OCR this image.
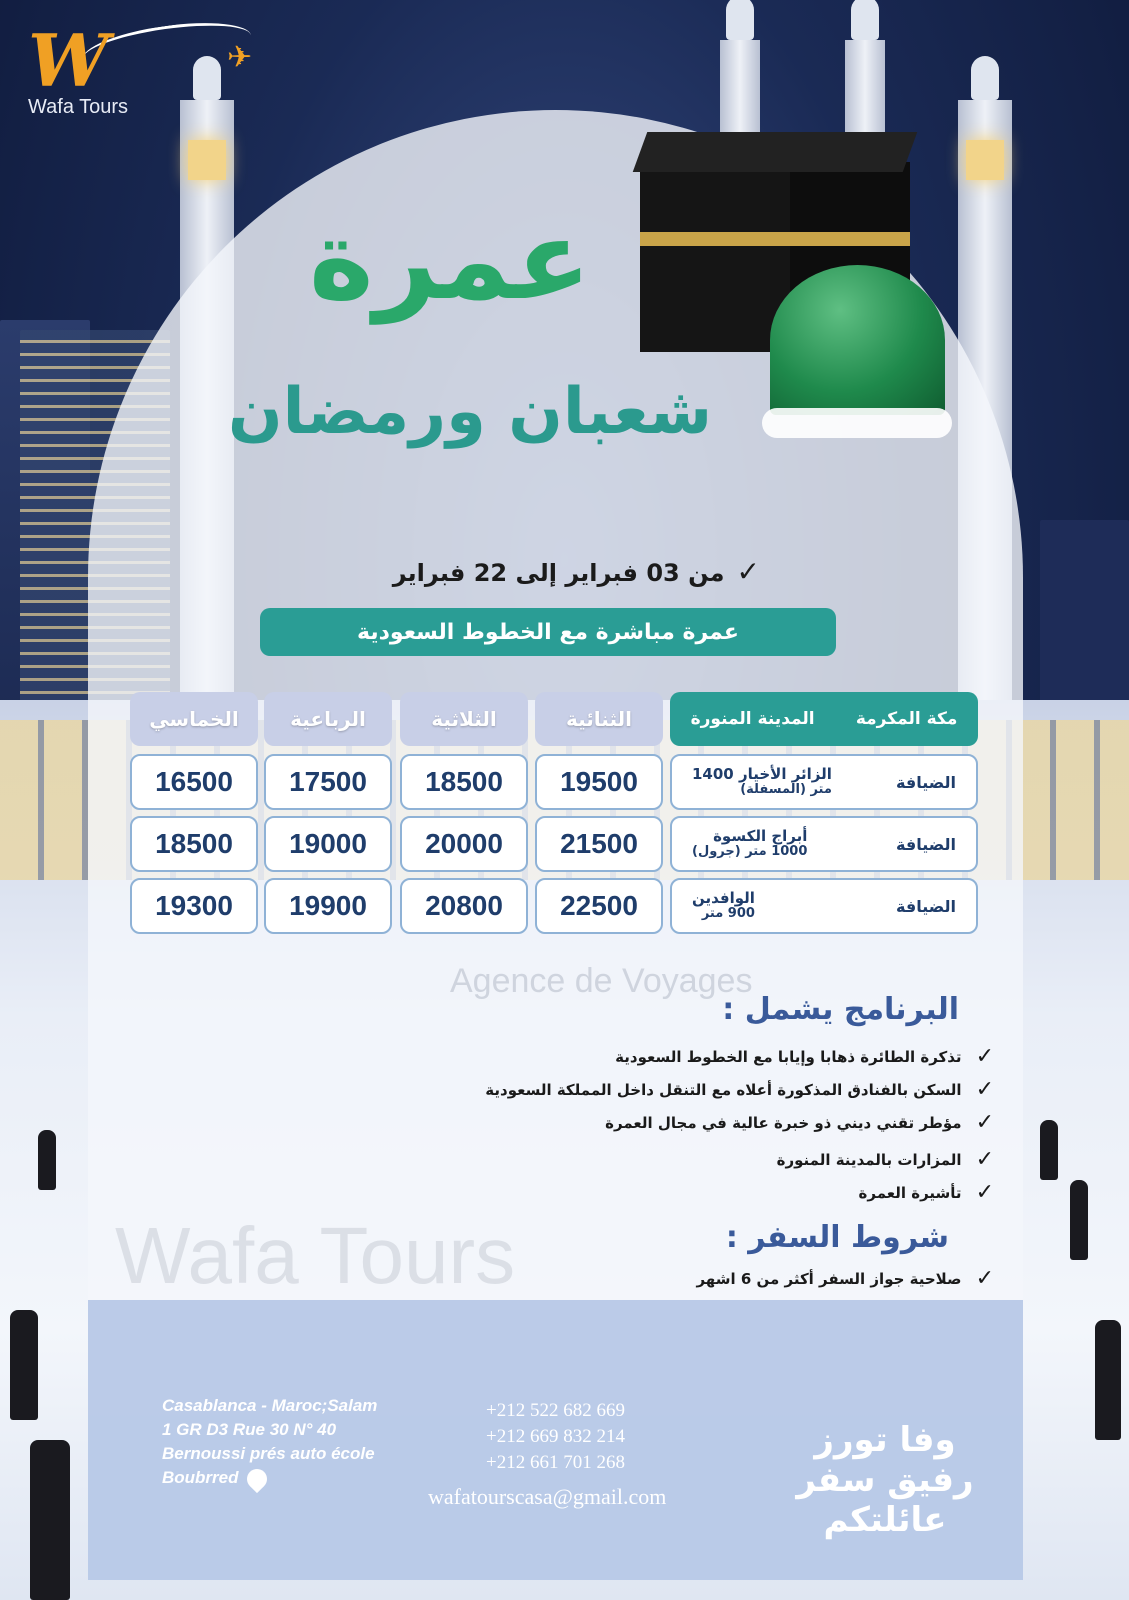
W	✈
Wafa Tours
عمرة
شعبان ورمضان
✓من 03 فبراير إلى 22 فبراير
عمرة مباشرة مع الخطوط السعودية
المدينة المنورة مكة المكرمة
الثنائية
الثلاثية
الرباعية
الخماسي
الضيافة
الزائر الأخيار 1400
متر (المسفلة)
19500
18500
17500
16500
الضيافة
أبراج الكسوة
1000 متر (جرول)
21500
20000
19000
18500
الضيافة
الوافدين
900 متر
22500
20800
19900
19300
Agence de Voyages
Wafa Tours
البرنامج يشمل :
✓
تذكرة الطائرة ذهابا وإيابا مع الخطوط السعودية
✓
السكن بالفنادق المذكورة أعلاه مع التنقل داخل المملكة السعودية
✓
مؤطر تقني ديني ذو خبرة عالية في مجال العمرة
✓
المزارات بالمدينة المنورة
✓
تأشيرة العمرة
شروط السفر :
✓
صلاحية جواز السفر أكثر من 6 اشهر
Casablanca - Maroc;Salam
1 GR D3 Rue 30 N° 40
Bernoussi prés auto école
Boubrred
+212 522 682 669
+212 669 832 214
+212 661 701 268
wafatourscasa@gmail.com
وفا تورز
رفيق سفر
عائلتكم
